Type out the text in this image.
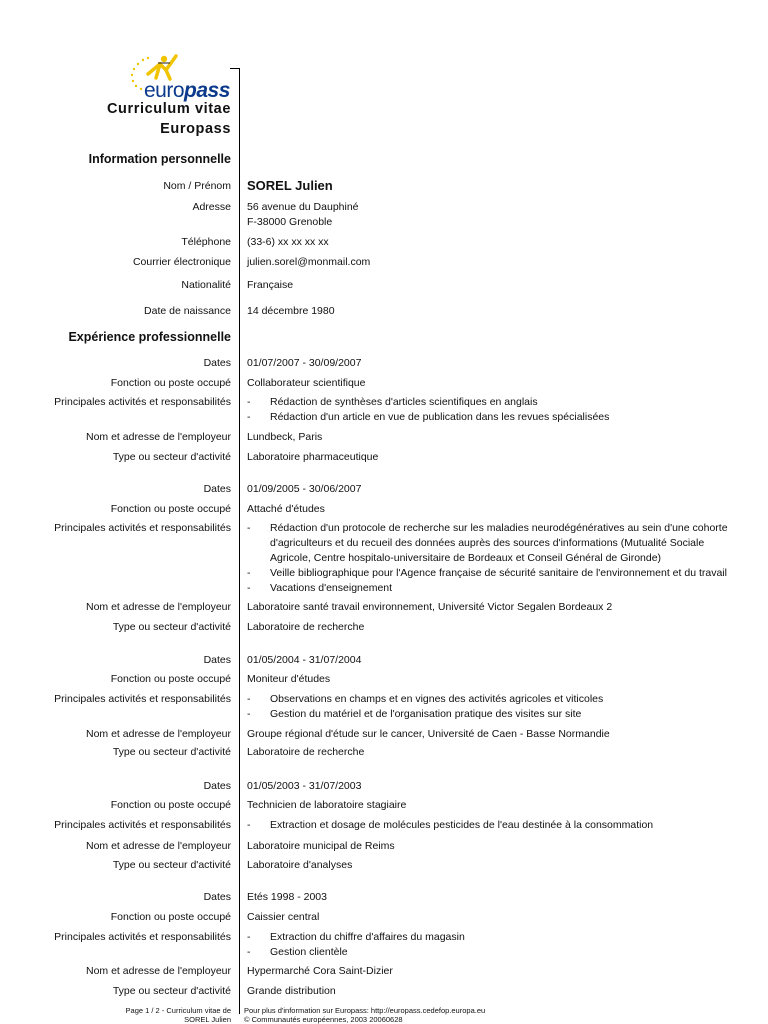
europass
Curriculum vitae
Europass
Information personnelle
Nom / Prénom SOREL Julien
Adresse 56 avenue du Dauphiné
F-38000 Grenoble
Téléphone (33-6) xx xx xx xx
Courrier électronique julien.sorel@monmail.com
Nationalité Française
Date de naissance 14 décembre 1980
Expérience professionnelle
Dates 01/07/2007 - 30/09/2007
Fonction ou poste occupé Collaborateur scientifique
Principales activités et responsabilités - Rédaction de synthèses d'articles scientifiques en anglais
- Rédaction d'un article en vue de publication dans les revues spécialisées
Nom et adresse de l'employeur Lundbeck, Paris
Type ou secteur d'activité Laboratoire pharmaceutique
Dates 01/09/2005 - 30/06/2007
Fonction ou poste occupé Attaché d'études
Principales activités et responsabilités - Rédaction d'un protocole de recherche sur les maladies neurodégénératives au sein d'une cohorte
d'agriculteurs et du recueil des données auprès des sources d'informations (Mutualité Sociale
Agricole, Centre hospitalo-universitaire de Bordeaux et Conseil Général de Gironde)
- Veille bibliographique pour l'Agence française de sécurité sanitaire de l'environnement et du travail
- Vacations d'enseignement
Nom et adresse de l'employeur Laboratoire santé travail environnement, Université Victor Segalen Bordeaux 2
Type ou secteur d'activité Laboratoire de recherche
Dates 01/05/2004 - 31/07/2004
Fonction ou poste occupé Moniteur d'études
Principales activités et responsabilités - Observations en champs et en vignes des activités agricoles et viticoles
- Gestion du matériel et de l'organisation pratique des visites sur site
Nom et adresse de l'employeur Groupe régional d'étude sur le cancer, Université de Caen - Basse Normandie
Type ou secteur d'activité Laboratoire de recherche
Dates 01/05/2003 - 31/07/2003
Fonction ou poste occupé Technicien de laboratoire stagiaire
Principales activités et responsabilités - Extraction et dosage de molécules pesticides de l'eau destinée à la consommation
Nom et adresse de l'employeur Laboratoire municipal de Reims
Type ou secteur d'activité Laboratoire d'analyses
Dates Etés 1998 - 2003
Fonction ou poste occupé Caissier central
Principales activités et responsabilités - Extraction du chiffre d'affaires du magasin
- Gestion clientèle
Nom et adresse de l'employeur Hypermarché Cora Saint-Dizier
Type ou secteur d'activité Grande distribution
Page 1 / 2 - Curriculum vitae de
SOREL Julien
Pour plus d'information sur Europass: http://europass.cedefop.europa.eu
© Communautés européennes, 2003 20060628
